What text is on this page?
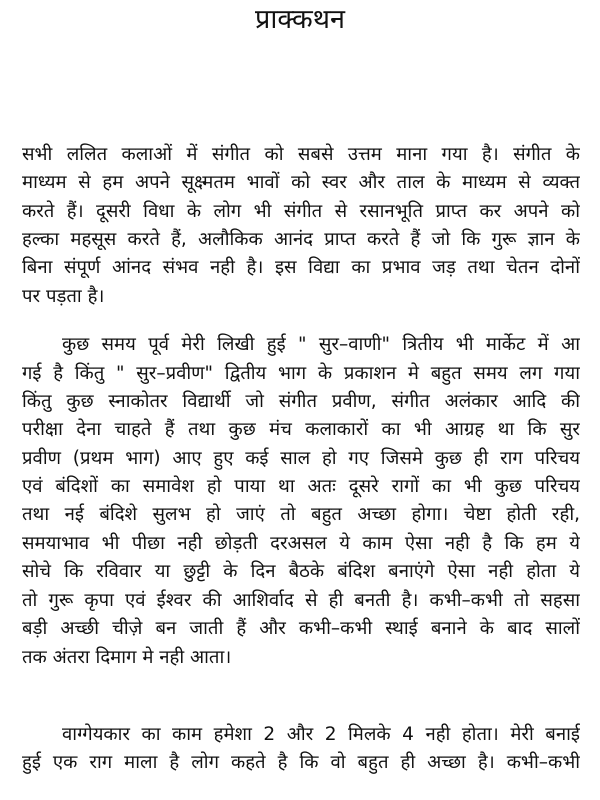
प्राक्कथन
सभी ललित कलाओं में संगीत को सबसे उत्तम माना गया है। संगीत के
माध्यम से हम अपने सूक्ष्मतम भावों को स्वर और ताल के माध्यम से व्यक्त
करते हैं। दूसरी विधा के लोग भी संगीत से रसानभूति प्राप्त कर अपने को
हल्का महसूस करते हैं, अलौकिक आनंद प्राप्त करते हैं जो कि गुरू ज्ञान के
बिना संपूर्ण आंनद संभव नही है। इस विद्या का प्रभाव जड़ तथा चेतन दोनों
पर पड़ता है।
कुछ समय पूर्व मेरी लिखी हुई " सुर–वाणी" त्रितीय भी मार्केट में आ
गई है किंतु " सुर–प्रवीण" द्वितीय भाग के प्रकाशन मे बहुत समय लग गया
किंतु कुछ स्नाकोतर विद्यार्थी जो संगीत प्रवीण, संगीत अलंकार आदि की
परीक्षा देना चाहते हैं तथा कुछ मंच कलाकारों का भी आग्रह था कि सुर
प्रवीण (प्रथम भाग) आए हुए कई साल हो गए जिसमे कुछ ही राग परिचय
एवं बंदिशों का समावेश हो पाया था अतः दूसरे रागों का भी कुछ परिचय
तथा नई बंदिशे सुलभ हो जाएं तो बहुत अच्छा होगा। चेष्टा होती रही,
समयाभाव भी पीछा नही छोड़ती दरअसल ये काम ऐसा नही है कि हम ये
सोचे कि रविवार या छुट्टी के दिन बैठके बंदिश बनाएंगे ऐसा नही होता ये
तो गुरू कृपा एवं ईश्वर की आशिर्वाद से ही बनती है। कभी–कभी तो सहसा
बड़ी अच्छी चीज़े बन जाती हैं और कभी–कभी स्थाई बनाने के बाद सालों
तक अंतरा दिमाग मे नही आता।
वाग्गेयकार का काम हमेशा 2 और 2 मिलके 4 नही होता। मेरी बनाई
हुई एक राग माला है लोग कहते है कि वो बहुत ही अच्छा है। कभी–कभी
